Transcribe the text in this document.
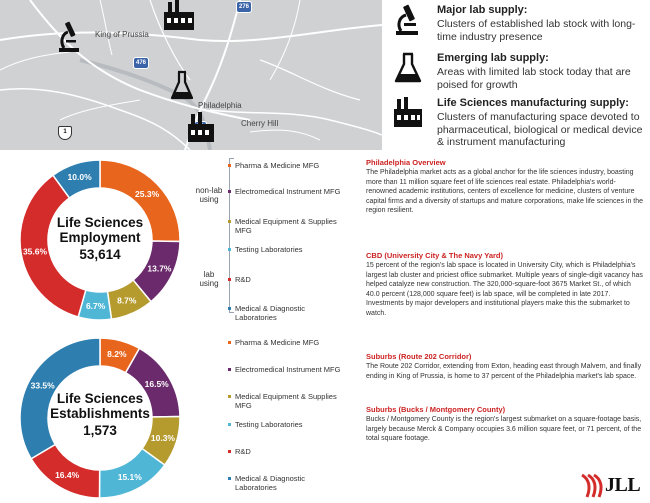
King of Prussia
Philadelphia
Cherry Hill
276
476
1
Major lab supply:
Clusters of established lab stock with long-time industry presence
Emerging lab supply:
Areas with limited lab stock today that are poised for growth
Life Sciences manufacturing supply:
Clusters of manufacturing space devoted to pharmaceutical, biological or medical device & instrument manufacturing
25.3%
13.7%
8.7%
6.7%
35.6%
10.0%
Life Sciences Employment
53,614
8.2%
16.5%
10.3%
15.1%
16.4%
33.5%
Life Sciences Establishments
1,573
non-lab
using
lab
using
Pharma & Medicine MFG
Electromedical Instrument MFG
Medical Equipment & Supplies MFG
Testing Laboratories
R&D
Medical & Diagnostic Laboratories
Pharma & Medicine MFG
Electromedical Instrument MFG
Medical Equipment & Supplies MFG
Testing Laboratories
R&D
Medical & Diagnostic Laboratories
Philadelphia Overview

The Philadelphia market acts as a global anchor for the life sciences industry, boasting more than 11 million square feet of life sciences real estate. Philadelphia's world-renowned academic institutions, centers of excellence for medicine, clusters of venture capital firms and a diversity of startups and mature corporations, make life sciences in the region resilient.

CBD (University City & The Navy Yard)

15 percent of the region's lab space is located in University City, which is Philadelphia's largest lab cluster and priciest office submarket. Multiple years of single-digit vacancy has helped catalyze new construction. The 320,000-square-foot 3675 Market St., of which 40.0 percent (128,000 square feet) is lab space, will be completed in late 2017. Investments by major developers and institutional players make this the submarket to watch.

Suburbs (Route 202 Corridor)

The Route 202 Corridor, extending from Exton, heading east through Malvern, and finally ending in King of Prussia, is home to 37 percent of the Philadelphia market's lab space.

Suburbs (Bucks / Montgomery County)

Bucks / Montgomery County is the region's largest submarket on a square-footage basis, largely because Merck & Company occupies 3.6 million square feet, or 71 percent, of the total square footage.

JLL
